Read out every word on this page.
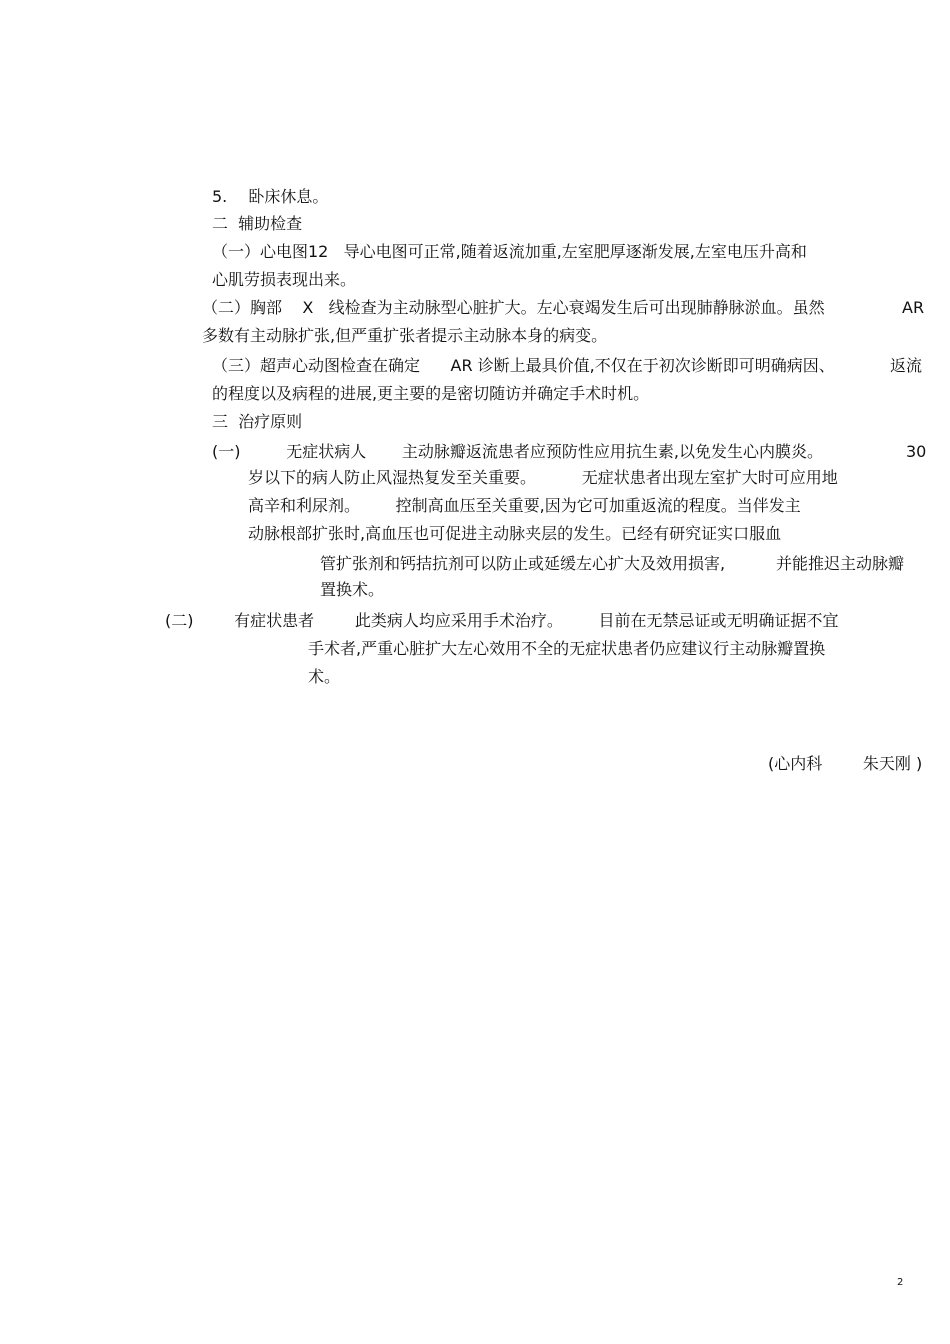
5.　 卧床休息。
二  辅助检查
（一）心电图12   导心电图可正常,随着返流加重,左室肥厚逐渐发展,左室电压升高和
心肌劳损表现出来。
（二）胸部    X   线检查为主动脉型心脏扩大。左心衰竭发生后可出现肺静脉淤血。虽然	AR
多数有主动脉扩张,但严重扩张者提示主动脉本身的病变。
（三）超声心动图检查在确定      AR 诊断上最具价值,不仅在于初次诊断即可明确病因、	返流
的程度以及病程的进展,更主要的是密切随访并确定手术时机。
三  治疗原则
(一)         无症状病人       主动脉瓣返流患者应预防性应用抗生素,以免发生心内膜炎。	30
岁以下的病人防止风湿热复发至关重要。         无症状患者出现左室扩大时可应用地
高辛和利尿剂。       控制高血压至关重要,因为它可加重返流的程度。当伴发主
动脉根部扩张时,高血压也可促进主动脉夹层的发生。已经有研究证实口服血
管扩张剂和钙拮抗剂可以防止或延缓左心扩大及效用损害,          并能推迟主动脉瓣
置换术。
(二)        有症状患者        此类病人均应采用手术治疗。       目前在无禁忌证或无明确证据不宜
手术者,严重心脏扩大左心效用不全的无症状患者仍应建议行主动脉瓣置换
术。
(心内科        朱天刚 )
2
